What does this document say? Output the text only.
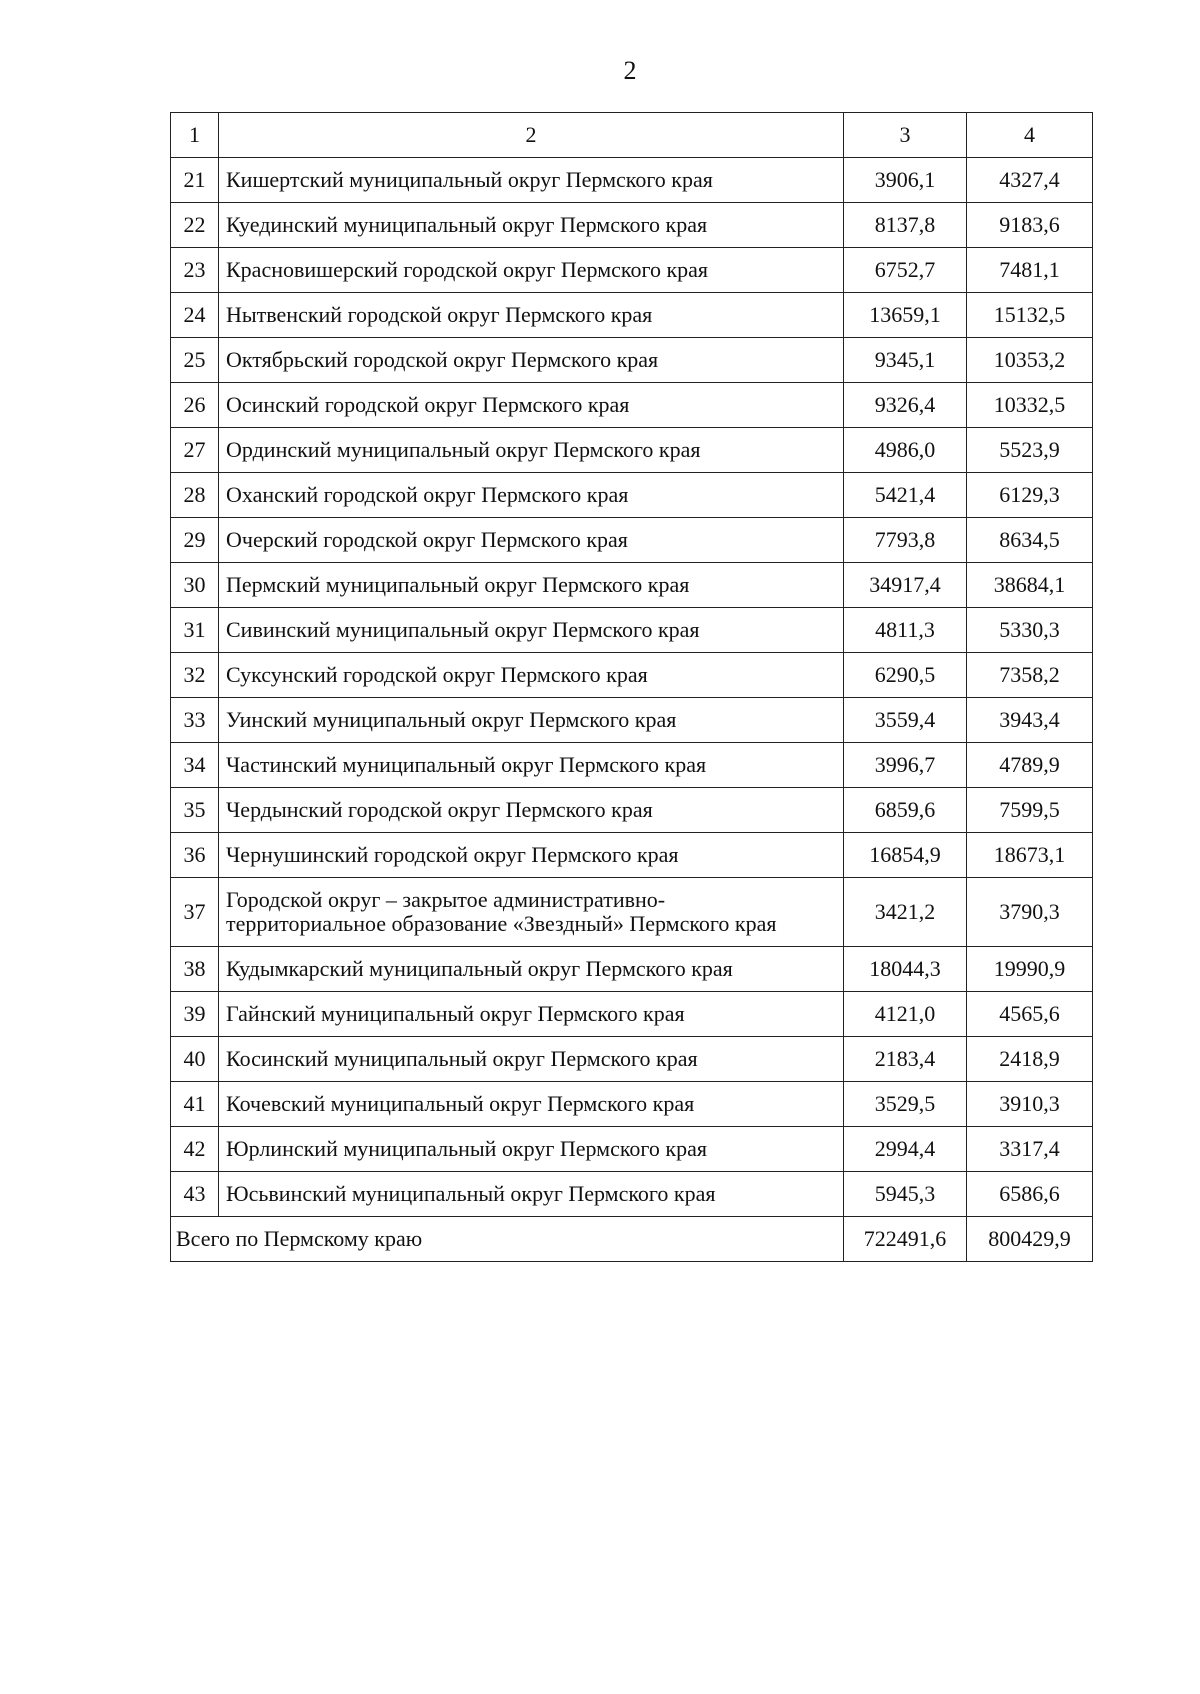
2
1	2	3	4
21	Кишертский муниципальный округ Пермского края	3906,1	4327,4
22	Куединский муниципальный округ Пермского края	8137,8	9183,6
23	Красновишерский городской округ Пермского края	6752,7	7481,1
24	Нытвенский городской округ Пермского края	13659,1	15132,5
25	Октябрьский городской округ Пермского края	9345,1	10353,2
26	Осинский городской округ Пермского края	9326,4	10332,5
27	Ординский муниципальный округ Пермского края	4986,0	5523,9
28	Оханский городской округ Пермского края	5421,4	6129,3
29	Очерский городской округ Пермского края	7793,8	8634,5
30	Пермский муниципальный округ Пермского края	34917,4	38684,1
31	Сивинский муниципальный округ Пермского края	4811,3	5330,3
32	Суксунский городской округ Пермского края	6290,5	7358,2
33	Уинский муниципальный округ Пермского края	3559,4	3943,4
34	Частинский муниципальный округ Пермского края	3996,7	4789,9
35	Чердынский городской округ Пермского края	6859,6	7599,5
36	Чернушинский городской округ Пермского края	16854,9	18673,1
37	Городской округ – закрытое административно-
территориальное образование «Звездный» Пермского края	3421,2	3790,3
38	Кудымкарский муниципальный округ Пермского края	18044,3	19990,9
39	Гайнский муниципальный округ Пермского края	4121,0	4565,6
40	Косинский муниципальный округ Пермского края	2183,4	2418,9
41	Кочевский муниципальный округ Пермского края	3529,5	3910,3
42	Юрлинский муниципальный округ Пермского края	2994,4	3317,4
43	Юсьвинский муниципальный округ Пермского края	5945,3	6586,6
Всего по Пермскому краю		722491,6	800429,9
